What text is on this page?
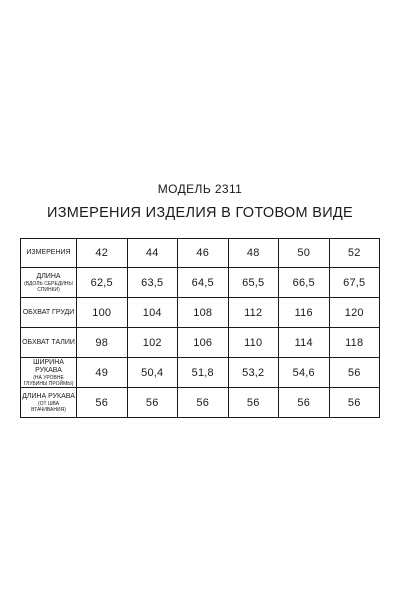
МОДЕЛЬ 2311
ИЗМЕРЕНИЯ ИЗДЕЛИЯ В ГОТОВОМ ВИДЕ
ИЗМЕРЕНИЯ	42	44	46	48	50	52

ДЛИНА
(ВДОЛЬ СЕРЕДИНЫ СПИНКИ)	62,5	63,5	64,5	65,5	66,5	67,5

ОБХВАТ ГРУДИ	100	104	108	112	116	120

ОБХВАТ ТАЛИИ	98	102	106	110	114	118

ШИРИНА РУКАВА
(НА УРОВНЕ ГЛУБИНЫ ПРОЙМЫ)	49	50,4	51,8	53,2	54,6	56

ДЛИНА РУКАВА
(ОТ ШВА ВТАЧИВАНИЯ)	56	56	56	56	56	56
